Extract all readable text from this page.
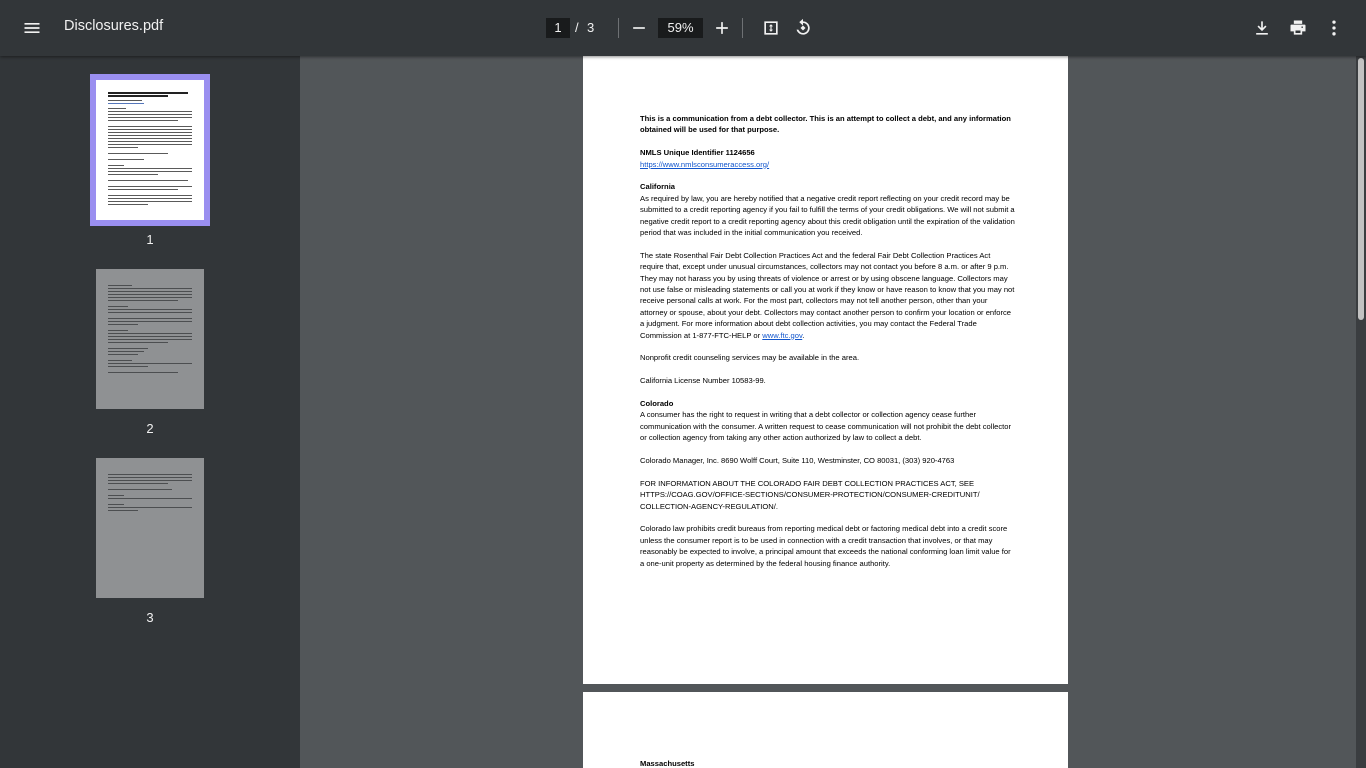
Disclosures.pdf	1	/ 3	59%
1
2
3

This is a communication from a debt collector. This is an attempt to collect a debt, and any information obtained will be used for that purpose.

NMLS Unique Identifier 1124656
https://www.nmlsconsumeraccess.org/

California

As required by law, you are hereby notified that a negative credit report reflecting on your credit record may be submitted to a credit reporting agency if you fail to fulfill the terms of your credit obligations. We will not submit a negative credit report to a credit reporting agency about this credit obligation until the expiration of the validation period that was included in the initial communication you received.

The state Rosenthal Fair Debt Collection Practices Act and the federal Fair Debt Collection Practices Act require that, except under unusual circumstances, collectors may not contact you before 8 a.m. or after 9 p.m. They may not harass you by using threats of violence or arrest or by using obscene language. Collectors may not use false or misleading statements or call you at work if they know or have reason to know that you may not receive personal calls at work. For the most part, collectors may not tell another person, other than your attorney or spouse, about your debt. Collectors may contact another person to confirm your location or enforce a judgment. For more information about debt collection activities, you may contact the Federal Trade Commission at 1-877-FTC-HELP or www.ftc.gov.

Nonprofit credit counseling services may be available in the area.

California License Number 10583-99.

Colorado

A consumer has the right to request in writing that a debt collector or collection agency cease further communication with the consumer. A written request to cease communication will not prohibit the debt collector or collection agency from taking any other action authorized by law to collect a debt.

Colorado Manager, Inc. 8690 Wolff Court, Suite 110, Westminster, CO 80031, (303) 920-4763

FOR INFORMATION ABOUT THE COLORADO FAIR DEBT COLLECTION PRACTICES ACT, SEE HTTPS://COAG.GOV/OFFICE-SECTIONS/CONSUMER-PROTECTION/CONSUMER-CREDITUNIT/ COLLECTION-AGENCY-REGULATION/.

Colorado law prohibits credit bureaus from reporting medical debt or factoring medical debt into a credit score unless the consumer report is to be used in connection with a credit transaction that involves, or that may reasonably be expected to involve, a principal amount that exceeds the national conforming loan limit value for a one-unit property as determined by the federal housing finance authority.

Massachusetts
